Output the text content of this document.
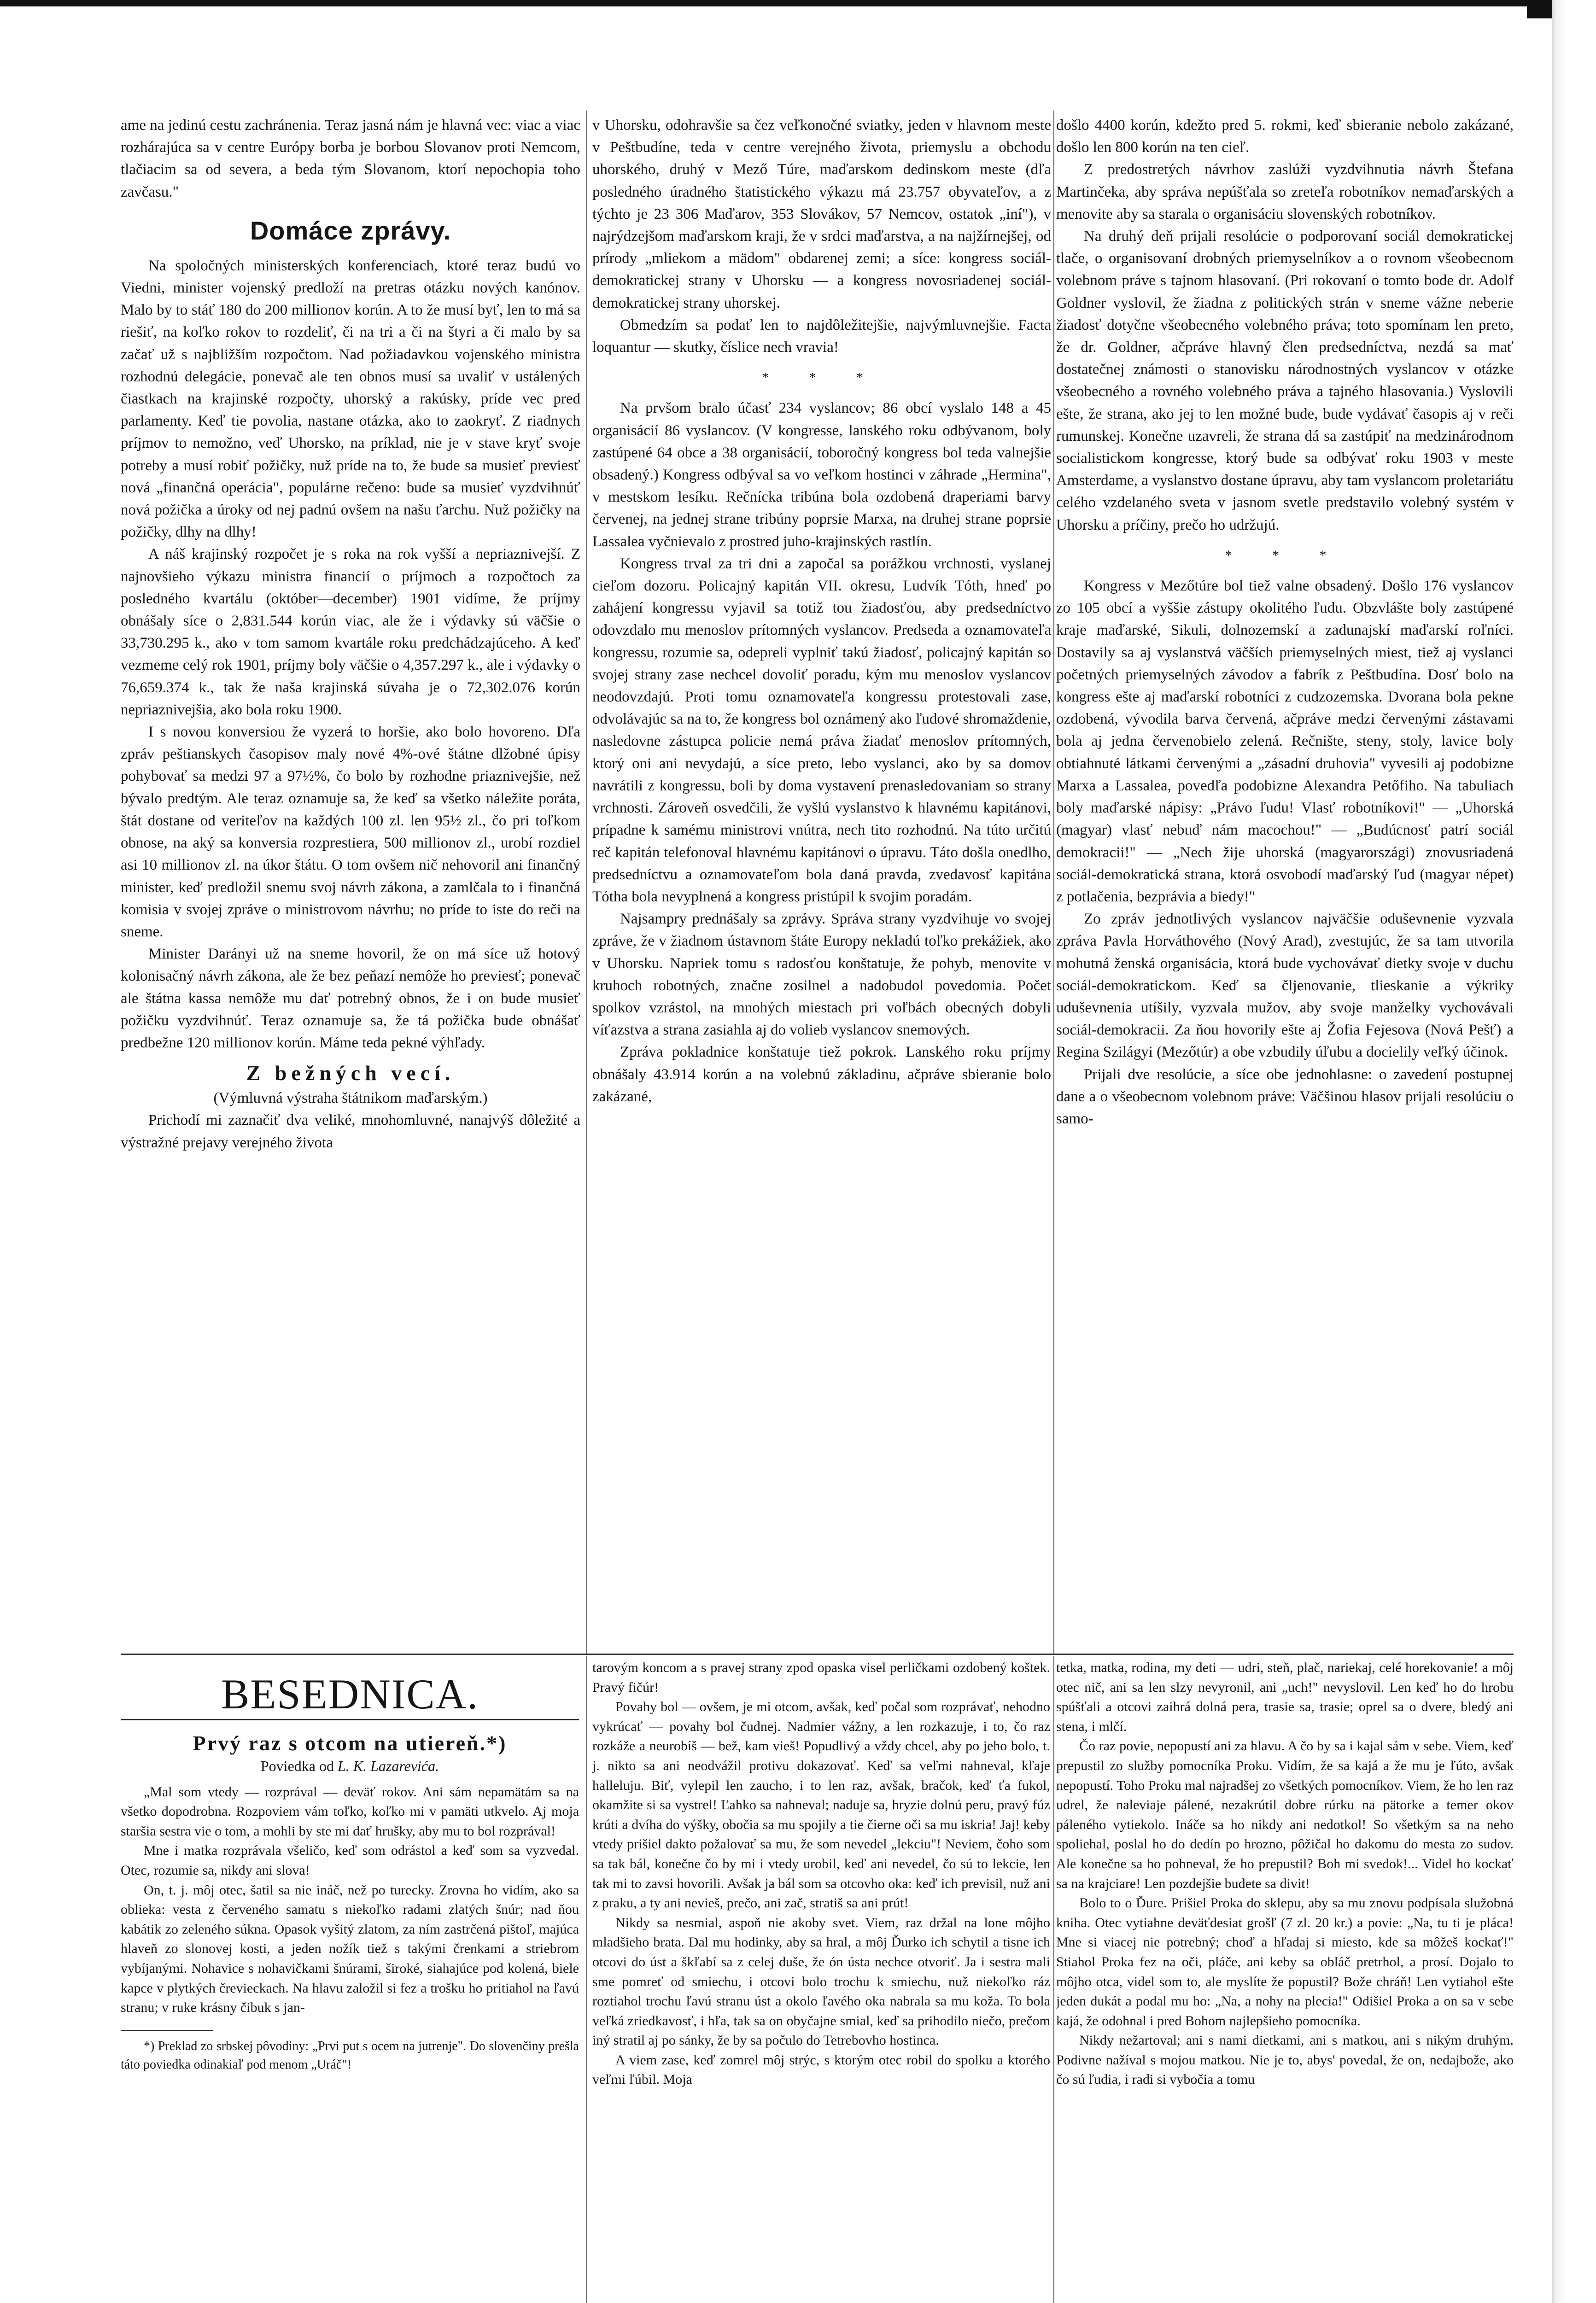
ame na jedinú cestu zachránenia. Teraz jasná nám je hlavná vec: viac a viac rozhárajúca sa v centre Európy borba je borbou Slovanov proti Nemcom, tlačiacim sa od severa, a beda tým Slovanom, ktorí nepochopia toho zavčasu."

Domáce zprávy.

Na spoločných ministerských konferenciach, ktoré teraz budú vo Viedni, minister vojenský predloží na pretras otázku nových kanónov. Malo by to stáť 180 do 200 millionov korún. A to že musí byť, len to má sa riešiť, na koľko rokov to rozdeliť, či na tri a či na štyri a či malo by sa začať už s najbližším rozpočtom. Nad požiadavkou vojenského ministra rozhodnú delegácie, ponevač ale ten obnos musí sa uvaliť v ustálených čiastkach na krajinské rozpočty, uhorský a rakúsky, príde vec pred parlamenty. Keď tie povolia, nastane otázka, ako to zaokryť. Z riadnych príjmov to nemožno, veď Uhorsko, na príklad, nie je v stave kryť svoje potreby a musí robiť požičky, nuž príde na to, že bude sa musieť previesť nová „finančná operácia", populárne rečeno: bude sa musieť vyzdvihnúť nová požička a úroky od nej padnú ovšem na našu ťarchu. Nuž požičky na požičky, dlhy na dlhy!

A náš krajinský rozpočet je s roka na rok vyšší a nepriaznivejší. Z najnovšieho výkazu ministra financií o príjmoch a rozpočtoch za posledného kvartálu (október—december) 1901 vidíme, že príjmy obnášaly síce o 2,831.544 korún viac, ale že i výdavky sú väčšie o 33,730.295 k., ako v tom samom kvartále roku predchádzajúceho. A keď vezmeme celý rok 1901, príjmy boly väčšie o 4,357.297 k., ale i výdavky o 76,659.374 k., tak že naša krajinská súvaha je o 72,302.076 korún nepriaznivejšia, ako bola roku 1900.

I s novou konversiou že vyzerá to horšie, ako bolo hovoreno. Dľa zpráv peštianskych časopisov maly nové 4%-ové štátne dlžobné úpisy pohybovať sa medzi 97 a 97½%, čo bolo by rozhodne priaznivejšie, než bývalo predtým. Ale teraz oznamuje sa, že keď sa všetko náležite poráta, štát dostane od veriteľov na každých 100 zl. len 95½ zl., čo pri toľkom obnose, na aký sa konversia rozprestiera, 500 millionov zl., urobí rozdiel asi 10 millionov zl. na úkor štátu. O tom ovšem nič nehovoril ani finančný minister, keď predložil snemu svoj návrh zákona, a zamlčala to i finančná komisia v svojej zpráve o ministrovom návrhu; no príde to iste do reči na sneme.

Minister Darányi už na sneme hovoril, že on má síce už hotový kolonisačný návrh zákona, ale že bez peňazí nemôže ho previesť; ponevač ale štátna kassa nemôže mu dať potrebný obnos, že i on bude musieť požičku vyzdvihnúť. Teraz oznamuje sa, že tá požička bude obnášať predbežne 120 millionov korún. Máme teda pekné výhľady.

Z bežných vecí.

(Výmluvná výstraha štátnikom maďarským.)

Prichodí mi zaznačiť dva veliké, mnohomluvné, nanajvýš dôležité a výstražné prejavy verejného života

v Uhorsku, odohravšie sa čez veľkonočné sviatky, jeden v hlavnom meste v Peštbudíne, teda v centre verejného života, priemyslu a obchodu uhorského, druhý v Mező Túre, maďarskom dedinskom meste (dľa posledného úradného štatistického výkazu má 23.757 obyvateľov, a z týchto je 23 306 Maďarov, 353 Slovákov, 57 Nemcov, ostatok „iní"), v najrýdzejšom maďarskom kraji, že v srdci maďarstva, a na najžírnejšej, od prírody „mliekom a mädom" obdarenej zemi; a síce: kongress sociál-demokratickej strany v Uhorsku — a kongress novosriadenej sociál-demokratickej strany uhorskej.

Obmedzím sa podať len to najdôležitejšie, najvýmluvnejšie. Facta loquantur — skutky, číslice nech vravia!

* * *

Na prvšom bralo účasť 234 vyslancov; 86 obcí vyslalo 148 a 45 organisácií 86 vyslancov. (V kongresse, lanského roku odbývanom, boly zastúpené 64 obce a 38 organisácií, toboročný kongress bol teda valnejšie obsadený.) Kongress odbýval sa vo veľkom hostinci v záhrade „Hermina", v mestskom lesíku. Rečnícka tribúna bola ozdobená draperiami barvy červenej, na jednej strane tribúny poprsie Marxa, na druhej strane poprsie Lassalea vyčnievalo z prostred juho-krajinských rastlín.

Kongress trval za tri dni a započal sa porážkou vrchnosti, vyslanej cieľom dozoru. Policajný kapitán VII. okresu, Ludvík Tóth, hneď po zahájení kongressu vyjavil sa totiž tou žiadosťou, aby predsedníctvo odovzdalo mu menoslov prítomných vyslancov. Predseda a oznamovateľa kongressu, rozumie sa, odepreli vyplniť takú žiadosť, policajný kapitán so svojej strany zase nechcel dovoliť poradu, kým mu menoslov vyslancov neodovzdajú. Proti tomu oznamovateľa kongressu protestovali zase, odvolávajúc sa na to, že kongress bol oznámený ako ľudové shromaždenie, nasledovne zástupca policie nemá práva žiadať menoslov prítomných, ktorý oni ani nevydajú, a síce preto, lebo vyslanci, ako by sa domov navrátili z kongressu, boli by doma vystavení prenasledovaniam so strany vrchnosti. Zároveň osvedčili, že vyšlú vyslanstvo k hlavnému kapitánovi, prípadne k samému ministrovi vnútra, nech tito rozhodnú. Na túto určitú reč kapitán telefonoval hlavnému kapitánovi o úpravu. Táto došla onedlho, predsedníctvu a oznamovateľom bola daná pravda, zvedavosť kapitána Tótha bola nevyplnená a kongress pristúpil k svojim poradám.

Najsampry prednášaly sa zprávy. Správa strany vyzdvihuje vo svojej zpráve, že v žiadnom ústavnom štáte Europy nekladú toľko prekážiek, ako v Uhorsku. Napriek tomu s radosťou konštatuje, že pohyb, menovite v kruhoch robotných, značne zosilnel a nadobudol povedomia. Počet spolkov vzrástol, na mnohých miestach pri voľbách obecných dobyli víťazstva a strana zasiahla aj do volieb vyslancov snemových.

Zpráva pokladnice konštatuje tiež pokrok. Lanského roku príjmy obnášaly 43.914 korún a na volebnú základinu, ačpráve sbieranie bolo zakázané,

došlo 4400 korún, kdežto pred 5. rokmi, keď sbieranie nebolo zakázané, došlo len 800 korún na ten cieľ.

Z predostretých návrhov zaslúži vyzdvihnutia návrh Štefana Martinčeka, aby správa nepúšťala so zreteľa robotníkov nemaďarských a menovite aby sa starala o organisáciu slovenských robotníkov.

Na druhý deň prijali resolúcie o podporovaní sociál demokratickej tlače, o organisovaní drobných priemyselníkov a o rovnom všeobecnom volebnom práve s tajnom hlasovaní. (Pri rokovaní o tomto bode dr. Adolf Goldner vyslovil, že žiadna z politických strán v sneme vážne neberie žiadosť dotyčne všeobecného volebného práva; toto spomínam len preto, že dr. Goldner, ačpráve hlavný člen predsedníctva, nezdá sa mať dostatečnej známosti o stanovisku národnostných vyslancov v otázke všeobecného a rovného volebného práva a tajného hlasovania.) Vyslovili ešte, že strana, ako jej to len možné bude, bude vydávať časopis aj v reči rumunskej. Konečne uzavreli, že strana dá sa zastúpiť na medzinárodnom socialistickom kongresse, ktorý bude sa odbývať roku 1903 v meste Amsterdame, a vyslanstvo dostane úpravu, aby tam vyslancom proletariátu celého vzdelaného sveta v jasnom svetle predstavilo volebný systém v Uhorsku a príčiny, prečo ho udržujú.

* * *

Kongress v Mezőtúre bol tiež valne obsadený. Došlo 176 vyslancov zo 105 obcí a vyššie zástupy okolitého ľudu. Obzvlášte boly zastúpené kraje maďarské, Sikuli, dolnozemskí a zadunajskí maďarskí roľníci. Dostavily sa aj vyslanstvá väčších priemyselných miest, tiež aj vyslanci početných priemyselných závodov a fabrík z Peštbudína. Dosť bolo na kongress ešte aj maďarskí robotníci z cudzozemska. Dvorana bola pekne ozdobená, vývodila barva červená, ačpráve medzi červenými zástavami bola aj jedna červenobielo zelená. Rečnište, steny, stoly, lavice boly obtiahnuté látkami červenými a „zásadní druhovia" vyvesili aj podobizne Marxa a Lassalea, povedľa podobizne Alexandra Petőfiho. Na tabuliach boly maďarské nápisy: „Právo ľudu! Vlasť robotníkovi!" — „Uhorská (magyar) vlasť nebuď nám macochou!" — „Budúcnosť patrí sociál demokracii!" — „Nech žije uhorská (magyarországi) znovusriadená sociál-demokratická strana, ktorá osvobodí maďarský ľud (magyar népet) z potlačenia, bezprávia a biedy!"

Zo zpráv jednotlivých vyslancov najväčšie oduševnenie vyzvala zpráva Pavla Horváthového (Nový Arad), zvestujúc, že sa tam utvorila mohutná ženská organisácia, ktorá bude vychovávať dietky svoje v duchu sociál-demokratickom. Keď sa čljenovanie, tlieskanie a výkriky uduševnenia utíšily, vyzvala mužov, aby svoje manželky vychovávali sociál-demokracii. Za ňou hovorily ešte aj Žofia Fejesova (Nová Pešť) a Regina Szilágyi (Mezőtúr) a obe vzbudily úľubu a docielily veľký účinok.

Prijali dve resolúcie, a síce obe jednohlasne: o zavedení postupnej dane a o všeobecnom volebnom práve: Väčšinou hlasov prijali resolúciu o samo-

BESEDNICA.
Prvý raz s otcom na utiereň.*)
Poviedka od L. K. Lazarevića.

„Mal som vtedy — rozprával — deväť rokov. Ani sám nepamätám sa na všetko dopodrobna. Rozpoviem vám toľko, koľko mi v pamäti utkvelo. Aj moja staršia sestra vie o tom, a mohli by ste mi dať hrušky, aby mu to bol rozprával!

Mne i matka rozprávala všeličo, keď som odrástol a keď som sa vyzvedal. Otec, rozumie sa, nikdy ani slova!

On, t. j. môj otec, šatil sa nie ináč, než po turecky. Zrovna ho vidím, ako sa oblieka: vesta z červeného samatu s niekoľko radami zlatých šnúr; nad ňou kabátik zo zeleného súkna. Opasok vyšitý zlatom, za ním zastrčená pištoľ, majúca hlaveň zo slonovej kosti, a jeden nožík tiež s takými črenkami a striebrom vybíjanými. Nohavice s nohavičkami šnúrami, široké, siahajúce pod kolená, biele kapce v plytkých črevieckach. Na hlavu založil si fez a trošku ho pritiahol na ľavú stranu; v ruke krásny čibuk s jan-

*) Preklad zo srbskej pôvodiny: „Prvi put s ocem na jutrenje". Do slovenčiny prešla táto poviedka odinakiaľ pod menom „Uráč"!

tarovým koncom a s pravej strany zpod opaska visel perličkami ozdobený koštek. Pravý fičúr!

Povahy bol — ovšem, je mi otcom, avšak, keď počal som rozprávať, nehodno vykrúcať — povahy bol čudnej. Nadmier vážny, a len rozkazuje, i to, čo raz rozkáže a neurobíš — bež, kam vieš! Popudlivý a vždy chcel, aby po jeho bolo, t. j. nikto sa ani neodvážil protivu dokazovať. Keď sa veľmi nahneval, kľaje halleluju. Biť, vylepil len zaucho, i to len raz, avšak, bračok, keď ťa fukol, okamžite si sa vystrel! Ľahko sa nahneval; naduje sa, hryzie dolnú peru, pravý fúz krúti a dvíha do výšky, obočia sa mu spojily a tie čierne oči sa mu iskria! Jaj! keby vtedy prišiel dakto požalovať sa mu, že som nevedel „lekciu"! Neviem, čoho som sa tak bál, konečne čo by mi i vtedy urobil, keď ani nevedel, čo sú to lekcie, len tak mi to zavsi hovorili. Avšak ja bál som sa otcovho oka: keď ich previsil, nuž ani z praku, a ty ani nevieš, prečo, ani zač, stratiš sa ani prút!

Nikdy sa nesmial, aspoň nie akoby svet. Viem, raz držal na lone môjho mladšieho brata. Dal mu hodinky, aby sa hral, a môj Ďurko ich schytil a tisne ich otcovi do úst a škľabí sa z celej duše, že ón ústa nechce otvoriť. Ja i sestra mali sme pomreť od smiechu, i otcovi bolo trochu k smiechu, nuž niekoľko ráz roztiahol trochu ľavú stranu úst a okolo ľavého oka nabrala sa mu koža. To bola veľká zriedkavosť, i hľa, tak sa on obyčajne smial, keď sa prihodilo niečo, prečom iný stratil aj po sánky, že by sa počulo do Tetrebovho hostinca.

A viem zase, keď zomrel môj strýc, s ktorým otec robil do spolku a ktorého veľmi ľúbil. Moja

tetka, matka, rodina, my deti — udri, steň, plač, nariekaj, celé horekovanie! a môj otec nič, ani sa len slzy nevyronil, ani „uch!" nevyslovil. Len keď ho do hrobu spúšťali a otcovi zaihrá dolná pera, trasie sa, trasie; oprel sa o dvere, bledý ani stena, i mlčí.

Čo raz povie, nepopustí ani za hlavu. A čo by sa i kajal sám v sebe. Viem, keď prepustil zo služby pomocníka Proku. Vidím, že sa kajá a že mu je ľúto, avšak nepopustí. Toho Proku mal najradšej zo všetkých pomocníkov. Viem, že ho len raz udrel, že naleviaje pálené, nezakrútil dobre rúrku na pätorke a temer okov páleného vytiekolo. Ináče sa ho nikdy ani nedotkol! So všetkým sa na neho spoliehal, poslal ho do dedín po hrozno, pôžičal ho dakomu do mesta zo sudov. Ale konečne sa ho pohneval, že ho prepustil? Boh mi svedok!... Videl ho kockať sa na krajciare! Len pozdejšie budete sa divit!

Bolo to o Ďure. Prišiel Proka do sklepu, aby sa mu znovu podpísala služobná kniha. Otec vytiahne deväťdesiat grošľ (7 zl. 20 kr.) a povie: „Na, tu ti je pláca! Mne si viacej nie potrebný; choď a hľadaj si miesto, kde sa môžeš kockať!" Stiahol Proka fez na oči, pláče, ani keby sa obláč pretrhol, a prosí. Dojalo to môjho otca, videl som to, ale myslíte že popustil? Bože chráň! Len vytiahol ešte jeden dukát a podal mu ho: „Na, a nohy na plecia!" Odišiel Proka a on sa v sebe kajá, že odohnal i pred Bohom najlepšieho pomocníka.

Nikdy nežartoval; ani s nami dietkami, ani s matkou, ani s nikým druhým. Podivne nažíval s mojou matkou. Nie je to, abys' povedal, že on, nedajbože, ako čo sú ľudia, i radi si vybočia a tomu
